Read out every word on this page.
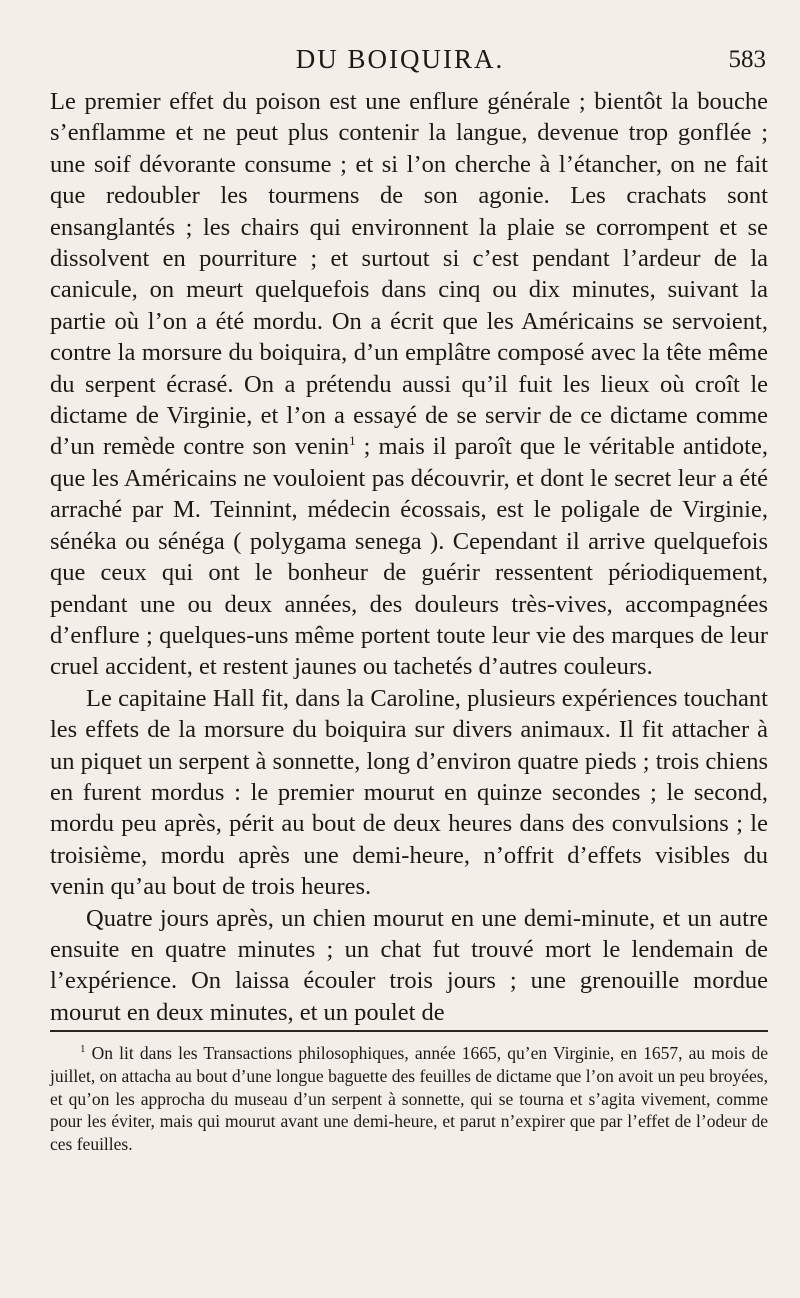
DU BOIQUIRA.	583

Le premier effet du poison est une enflure générale ; bientôt la bouche s’enflamme et ne peut plus contenir la langue, devenue trop gonflée ; une soif dévorante consume ; et si l’on cherche à l’étancher, on ne fait que redoubler les tourmens de son agonie. Les crachats sont ensanglantés ; les chairs qui environnent la plaie se corrompent et se dissolvent en pourriture ; et surtout si c’est pendant l’ardeur de la canicule, on meurt quelquefois dans cinq ou dix minutes, suivant la partie où l’on a été mordu. On a écrit que les Américains se servoient, contre la morsure du boiquira, d’un emplâtre composé avec la tête même du serpent écrasé. On a prétendu aussi qu’il fuit les lieux où croît le dictame de Virginie, et l’on a essayé de se servir de ce dictame comme d’un remède contre son venin$^1$ ; mais il paroît que le véritable antidote, que les Américains ne vouloient pas découvrir, et dont le secret leur a été arraché par M. Teinnint, médecin écossais, est le poligale de Virginie, sénéka ou sénéga ( polygama senega ). Cependant il arrive quelquefois que ceux qui ont le bonheur de guérir ressentent périodiquement, pendant une ou deux années, des douleurs très-vives, accompagnées d’enflure ; quelques-uns même portent toute leur vie des marques de leur cruel accident, et restent jaunes ou tachetés d’autres couleurs.

Le capitaine Hall fit, dans la Caroline, plusieurs expériences touchant les effets de la morsure du boiquira sur divers animaux. Il fit attacher à un piquet un serpent à sonnette, long d’environ quatre pieds ; trois chiens en furent mordus : le premier mourut en quinze secondes ; le second, mordu peu après, périt au bout de deux heures dans des convulsions ; le troisième, mordu après une demi-heure, n’offrit d’effets visibles du venin qu’au bout de trois heures.

Quatre jours après, un chien mourut en une demi-minute, et un autre ensuite en quatre minutes ; un chat fut trouvé mort le lendemain de l’expérience. On laissa écouler trois jours ; une grenouille mordue mourut en deux minutes, et un poulet de

$^1$ On lit dans les Transactions philosophiques, année 1665, qu’en Virginie, en 1657, au mois de juillet, on attacha au bout d’une longue baguette des feuilles de dictame que l’on avoit un peu broyées, et qu’on les approcha du museau d’un serpent à sonnette, qui se tourna et s’agita vivement, comme pour les éviter, mais qui mourut avant une demi-heure, et parut n’expirer que par l’effet de l’odeur de ces feuilles.
